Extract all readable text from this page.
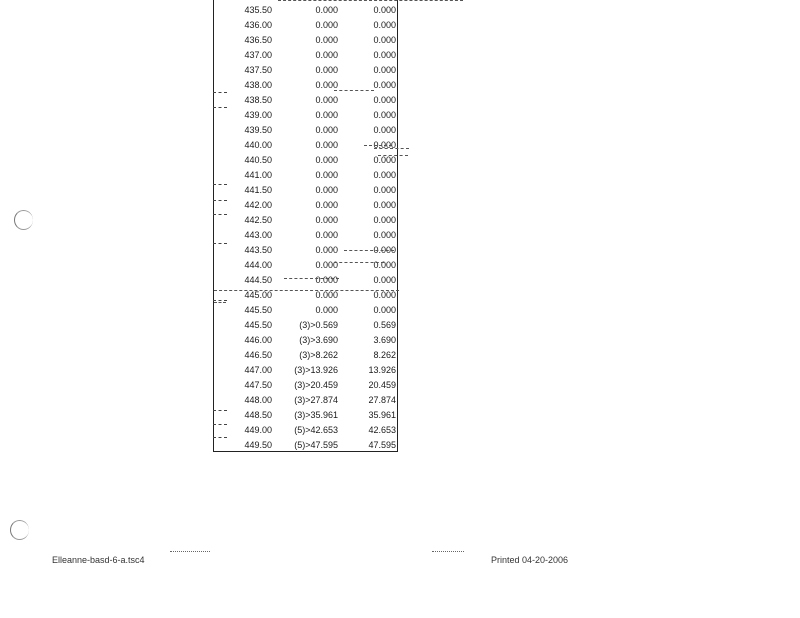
435.50	0.000	0.000
436.00	0.000	0.000
436.50	0.000	0.000
437.00	0.000	0.000
437.50	0.000	0.000
438.00	0.000	0.000
438.50	0.000	0.000
439.00	0.000	0.000
439.50	0.000	0.000
440.00	0.000	0.000
440.50	0.000	0.000
441.00	0.000	0.000
441.50	0.000	0.000
442.00	0.000	0.000
442.50	0.000	0.000
443.00	0.000	0.000
443.50	0.000	0.000
444.00	0.000	0.000
444.50	0.000	0.000
445.00	0.000	0.000
445.50	0.000	0.000
445.50	(3)>0.569	0.569
446.00	(3)>3.690	3.690
446.50	(3)>8.262	8.262
447.00	(3)>13.926	13.926
447.50	(3)>20.459	20.459
448.00	(3)>27.874	27.874
448.50	(3)>35.961	35.961
449.00	(5)>42.653	42.653
449.50	(5)>47.595	47.595
Elleanne-basd-6-a.tsc4	Printed 04-20-2006
